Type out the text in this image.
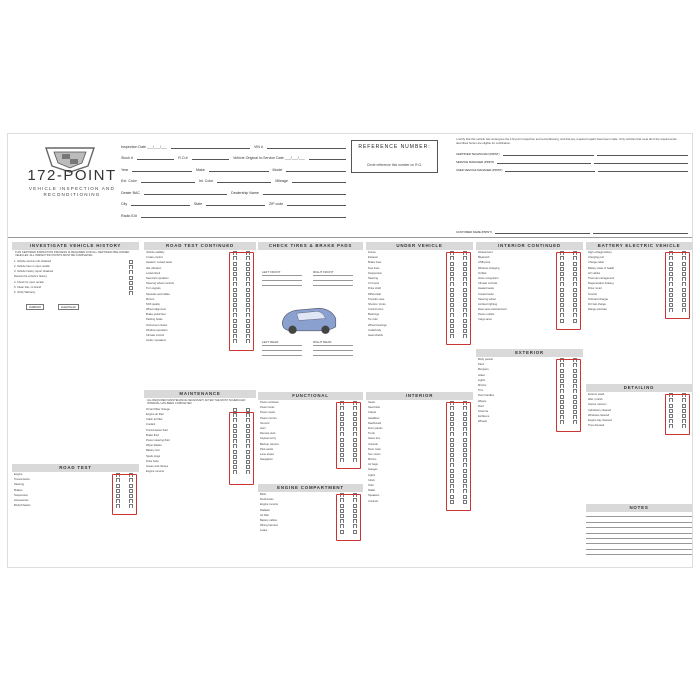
172-POINT
VEHICLE INSPECTION AND RECONDITIONING
Inspection Date ___/___/___	VIN #
Stock #	R.O.#	Vehicle Original In-Service Date ___/___/___
Year	Make	Model
Ext. Color	Int. Color	Mileage
Dealer BAC	Dealership Name
City	State	ZIP code
Radio ID#
REFERENCE NUMBER:
Circle reference this number on R.O.
I certify that this vehicle has undergone the 172-point inspection and reconditioning, and that any required repairs have been made. Only vehicles that meet all of the requirements described herein are eligible for certification.
CERTIFIED TECHNICIAN (PRINT)
SERVICE MANAGER (PRINT)
USED VEHICLE MANAGER (PRINT)
CUSTOMER NAME (PRINT)
INVESTIGATE VEHICLE HISTORY
THIS CERTIFIED INSPECTION PROCESS IS REQUIRED FOR ALL CERTIFIED PRE-OWNED VEHICLES. ALL INSPECTION POINTS MUST BE COMPLETED.
1. Vehicle service info obtained
2. Vehicle has no open recalls
3. Vehicle history report obtained
Review the vehicle's history
4. Check for open recalls
5. Clean title, no brand
6. Verify Warranty
CARFAX	AutoCheck
ROAD TEST
Engine
Transmission
Steering
Brakes
Suspension
Accessories
Body/Chassis
ROAD TEST CONTINUED
Vehicle stability
Cruise control
Heated / cooled seats
Idle vibration
Lock/unlock
Seat belt operation
Steering wheel controls
Turn signals
Squeaks and rattles
Mirrors
Shift quality
Wheel alignment
Brake pedal feel
Parking brake
Instrument cluster
Window operation
Climate control
Audio / speakers
MAINTENANCE
ALL REQUIRED MAINTENANCE NECESSARY AFTER THE MOST SCHEDULED INTERVAL HAS BEEN COMPLETED
Oil and filter change
Engine air filter
Cabin air filter
Coolant
Transmission fluid
Brake fluid
Power steering fluid
Wiper blades
Battery test
Spark plugs
Drive belts
Hoses and clamps
Engine mounts
CHECK TIRES & BRAKE PADS
LEFT FRONT	RIGHT FRONT
LEFT REAR	RIGHT REAR
FUNCTIONAL
Power windows
Power locks
Power seats
Power mirrors
Sunroof
Horn
Remote start
Keyless entry
Backup camera
Park assist
Lane assist
Navigation
ENGINE COMPARTMENT
Belts
Fluid levels
Engine mounts
Radiator
Air filter
Battery cables
Wiring harness
Leaks
UNDER VEHICLE
Frame
Exhaust
Brake lines
Fuel lines
Suspension
Steering
CV boots
Drive shaft
Differential
Transfer case
Shocks / struts
Control arms
Bushings
Tie rods
Wheel bearings
Underbody
Heat shields
INTERIOR
Seats
Seat belts
Carpet
Headliner
Dashboard
Door panels
Trunk
Glove box
Console
Floor mats
Sun visors
Mirrors
Air bags
Gauges
Lights
Clock
Odor
Radio
Speakers
Controls
INTERIOR CONTINUED
Infotainment
Bluetooth
USB ports
Wireless charging
OnStar
Voice recognition
Climate controls
Heated seats
Cooled seats
Steering wheel
Ambient lighting
Rear seat entertainment
Power outlets
Cargo area
EXTERIOR
Body panels
Paint
Bumpers
Glass
Lights
Mirrors
Trim
Door handles
Wipers
Roof
Antenna
Emblems
Wheels
BATTERY ELECTRIC VEHICLE
High voltage battery
Charging port
Charge cable
Battery state of health
HV cables
Thermal management
Regenerative braking
Drive motor
Inverter
Onboard charger
DC fast charge
Range estimate
DETAILING
Exterior wash
Wax / polish
Interior vacuum
Upholstery cleaned
Windows cleaned
Engine bay cleaned
Tires dressed
NOTES
